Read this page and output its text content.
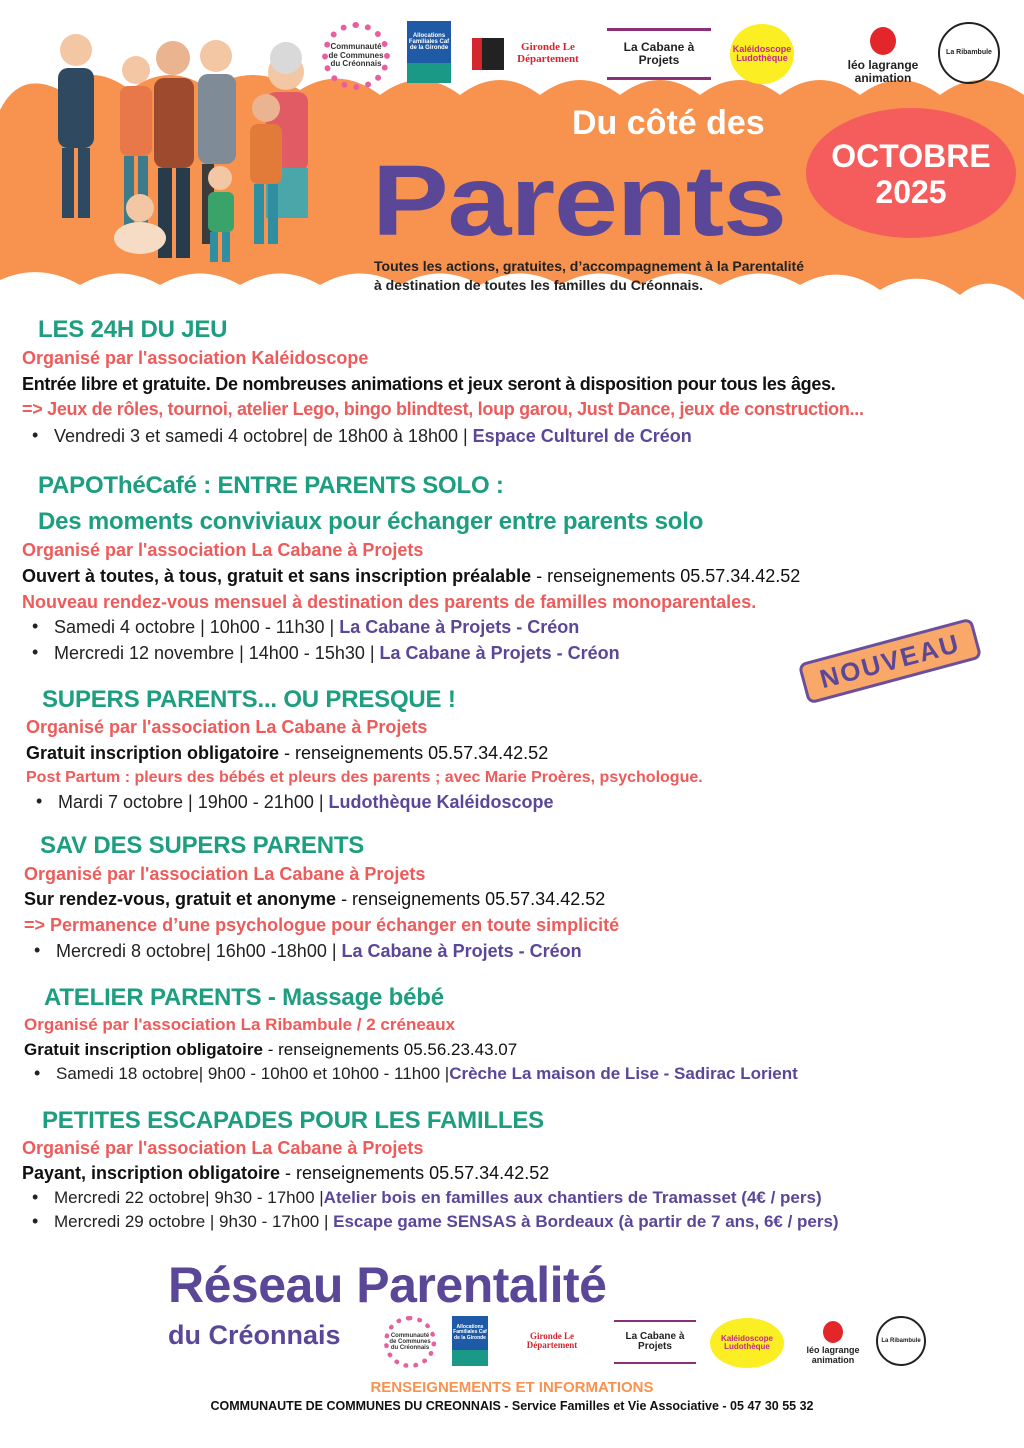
Communauté de Communes du Créonnais
Allocations Familiales Caf de la Gironde	Gironde Le Département
La Cabane à Projets
Kaléidoscope Ludothèque
léo lagrange animation
La Ribambule
Du côté des
Parents	OCTOBRE
2025
Toutes les actions, gratuites, d’accompagnement à la Parentalité
à destination de toutes les familles du Créonnais.
LES 24H DU JEU
Organisé par l'association Kaléidoscope
Entrée libre et gratuite. De nombreuses animations et jeux seront à disposition pour tous les âges.
=> Jeux de rôles, tournoi, atelier Lego, bingo blindtest, loup garou, Just Dance, jeux de construction...
• Vendredi 3 et samedi 4 octobre| de 18h00 à 18h00 | Espace Culturel de Créon
PAPOThéCafé : ENTRE PARENTS SOLO :
Des moments conviviaux pour échanger entre parents solo
Organisé par l'association La Cabane à Projets
Ouvert à toutes, à tous, gratuit et sans inscription préalable - renseignements 05.57.34.42.52
Nouveau rendez-vous mensuel à destination des parents de familles monoparentales.
• Samedi 4 octobre | 10h00 - 11h30 | La Cabane à Projets - Créon
• Mercredi 12 novembre | 14h00 - 15h30 | La Cabane à Projets - Créon	NOUVEAU
SUPERS PARENTS... OU PRESQUE !
Organisé par l'association La Cabane à Projets
Gratuit inscription obligatoire - renseignements 05.57.34.42.52
Post Partum : pleurs des bébés et pleurs des parents ; avec Marie Proères, psychologue.
• Mardi 7 octobre | 19h00 - 21h00 | Ludothèque Kaléidoscope
SAV DES SUPERS PARENTS
Organisé par l'association La Cabane à Projets
Sur rendez-vous, gratuit et anonyme - renseignements 05.57.34.42.52
=> Permanence d’une psychologue pour échanger en toute simplicité
• Mercredi 8 octobre| 16h00 -18h00 | La Cabane à Projets - Créon
ATELIER PARENTS - Massage bébé
Organisé par l'association La Ribambule / 2 créneaux
Gratuit inscription obligatoire - renseignements 05.56.23.43.07
• Samedi 18 octobre| 9h00 - 10h00 et 10h00 - 11h00 |Crèche La maison de Lise - Sadirac Lorient
PETITES ESCAPADES POUR LES FAMILLES
Organisé par l'association La Cabane à Projets
Payant, inscription obligatoire - renseignements 05.57.34.42.52
• Mercredi 22 octobre| 9h30 - 17h00 |Atelier bois en familles aux chantiers de Tramasset (4€ / pers)
• Mercredi 29 octobre | 9h30 - 17h00 | Escape game SENSAS à Bordeaux (à partir de 7 ans, 6€ / pers)
Réseau Parentalité
du Créonnais	Communauté de Communes du Créonnais
Allocations Familiales Caf de la Gironde	Gironde Le Département
La Cabane à Projets
Kaléidoscope Ludothèque	léo lagrange animation
La Ribambule
RENSEIGNEMENTS ET INFORMATIONS
COMMUNAUTE DE COMMUNES DU CREONNAIS - Service Familles et Vie Associative - 05 47 30 55 32
